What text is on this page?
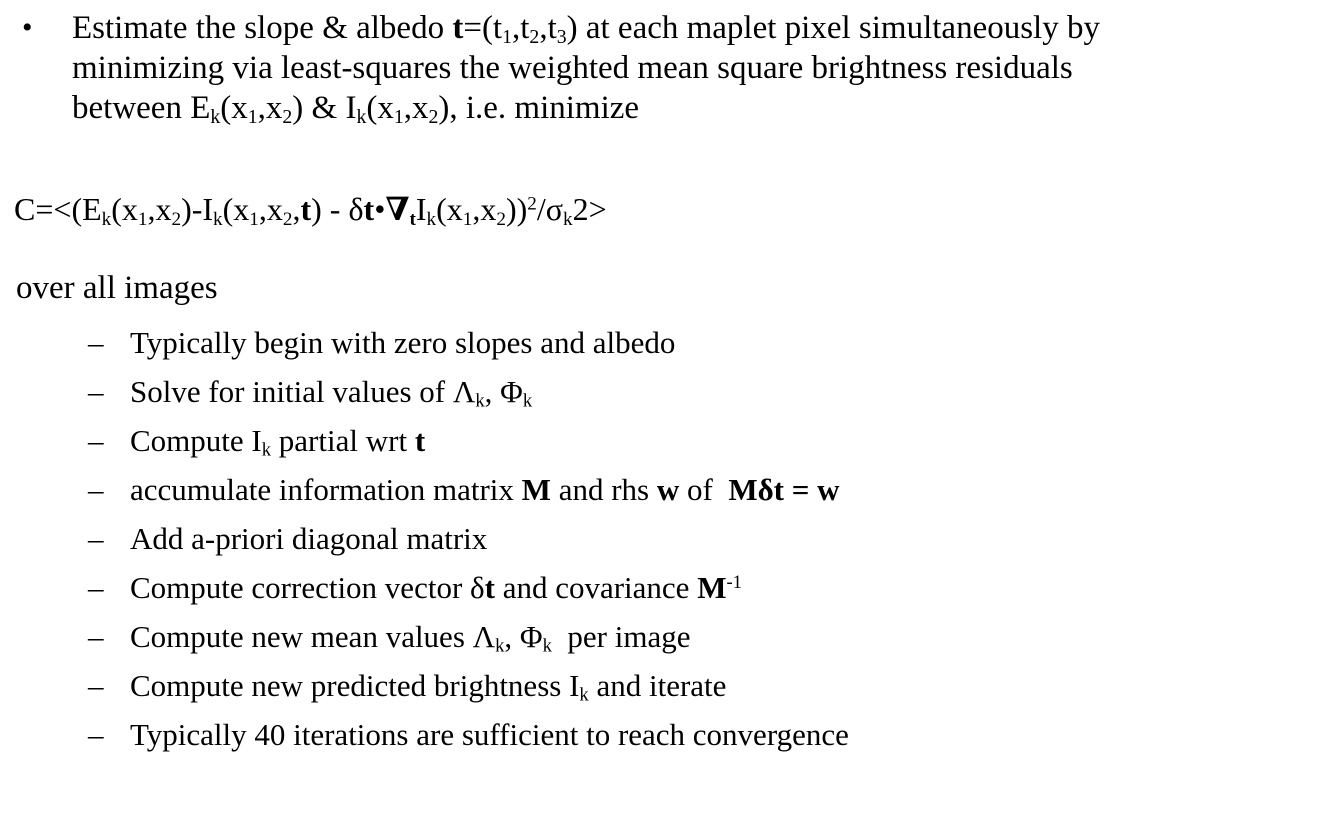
•	Estimate the slope & albedo $t=(t_1,t_2,t_3)$ at each maplet pixel simultaneously by
minimizing via least-squares the weighted mean square brightness residuals
between $E_k(x_1,x_2)$ & $I_k(x_1,x_2)$, i.e. minimize
$C=<(E_k(x_1,x_2)-I_k(x_1,x_2,t)$ - $\delta t•\nabla_tI_k(x_1,x_2))^2/\sigma_k2>$
over all images
– Typically begin with zero slopes and albedo
– Solve for initial values of $\Lambda_k$, $\Phi_k$
– Compute $I_k$ partial wrt t
– accumulate information matrix M and rhs w of  Mδt = w
– Add a-priori diagonal matrix
– Compute correction vector δt and covariance $M^{-1}$
– Compute new mean values $\Lambda_k$, $\Phi_k$  per image
– Compute new predicted brightness $I_k$ and iterate
– Typically 40 iterations are sufficient to reach convergence
